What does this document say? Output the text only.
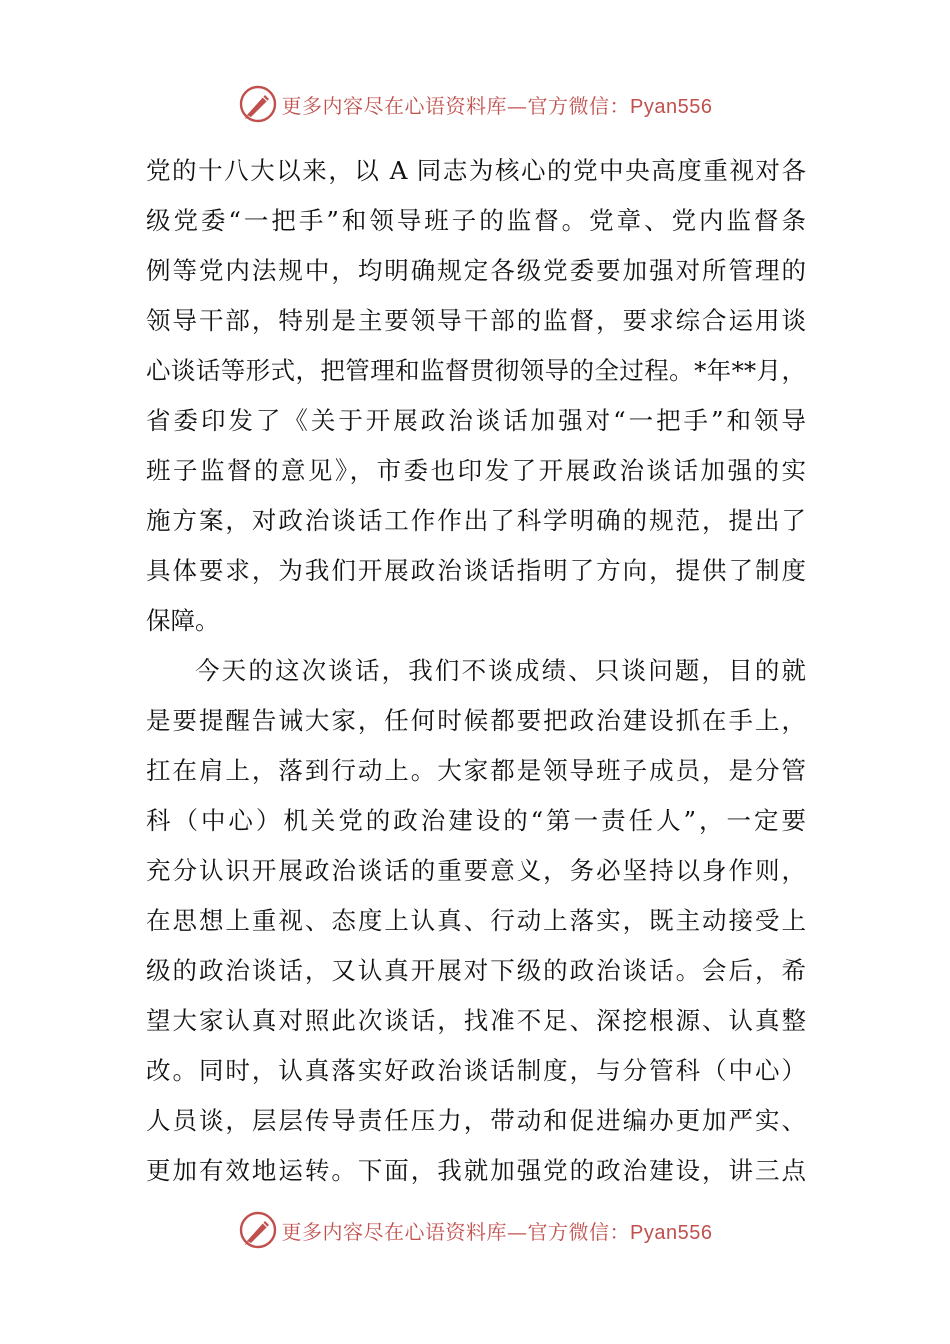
更多内容尽在心语资料库—官方微信：Pyan556
党的十八大以来，以 A 同志为核心的党中央高度重视对各
级党委“一把手”和领导班子的监督。党章、党内监督条
例等党内法规中，均明确规定各级党委要加强对所管理的
领导干部，特别是主要领导干部的监督，要求综合运用谈
心谈话等形式，把管理和监督贯彻领导的全过程。*年**月，
省委印发了《关于开展政治谈话加强对“一把手”和领导
班子监督的意见》，市委也印发了开展政治谈话加强的实
施方案，对政治谈话工作作出了科学明确的规范，提出了
具体要求，为我们开展政治谈话指明了方向，提供了制度
保障。
今天的这次谈话，我们不谈成绩、只谈问题，目的就
是要提醒告诫大家，任何时候都要把政治建设抓在手上，
扛在肩上，落到行动上。大家都是领导班子成员，是分管
科（中心）机关党的政治建设的“第一责任人”，一定要
充分认识开展政治谈话的重要意义，务必坚持以身作则，
在思想上重视、态度上认真、行动上落实，既主动接受上
级的政治谈话，又认真开展对下级的政治谈话。会后，希
望大家认真对照此次谈话，找准不足、深挖根源、认真整
改。同时，认真落实好政治谈话制度，与分管科（中心）
人员谈，层层传导责任压力，带动和促进编办更加严实、
更加有效地运转。下面，我就加强党的政治建设，讲三点
更多内容尽在心语资料库—官方微信：Pyan556
